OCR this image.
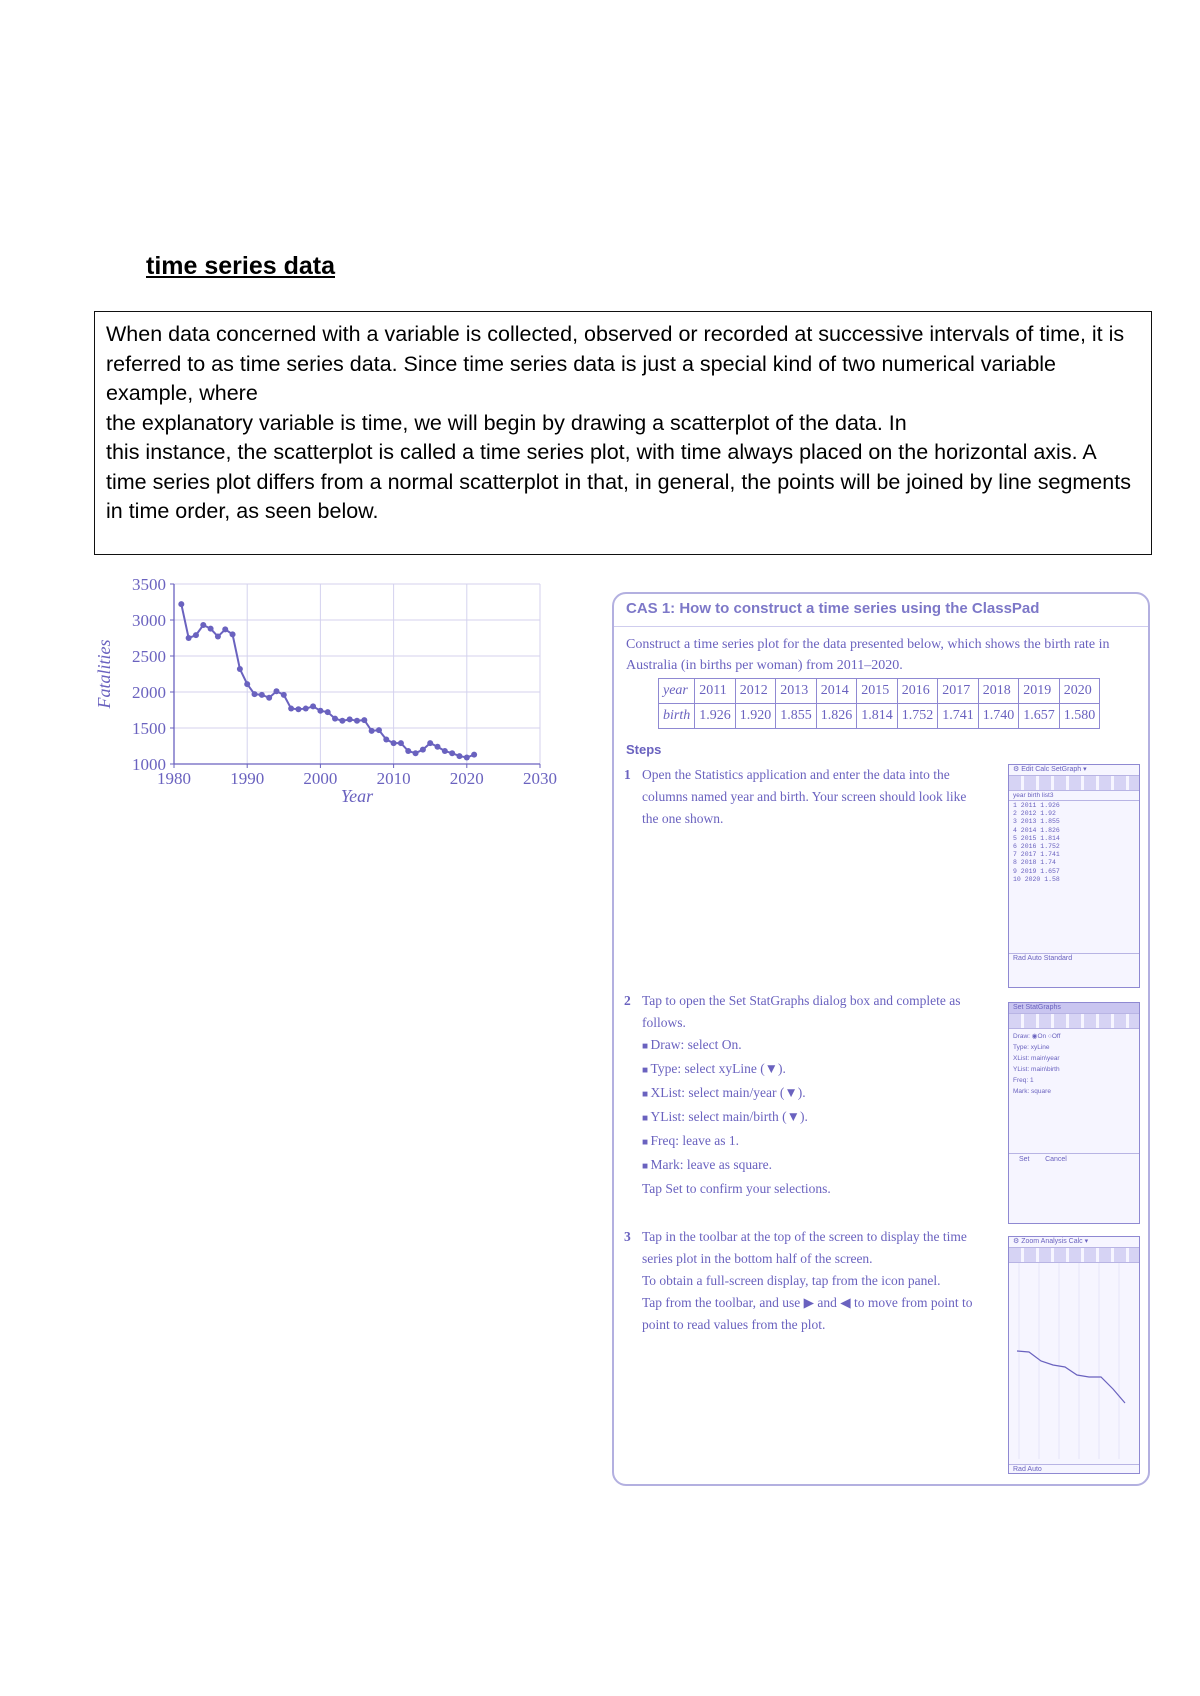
time series data

When data concerned with a variable is collected, observed or recorded at successive intervals of time, it is referred to as time series data. Since time series data is just a special kind of two numerical variable example, where

the explanatory variable is time, we will begin by drawing a scatterplot of the data. In

this instance, the scatterplot is called a time series plot, with time always placed on the horizontal axis. A time series plot differs from a normal scatterplot in that, in general, the points will be joined by line segments in time order, as seen below.

1980 1990 2000 2010 2020 2030
1000
1500
2000
2500
3000
3500
Year
Fatalities
CAS 1: How to construct a time series using the ClassPad
Construct a time series plot for the data presented below, which shows the birth rate in Australia (in births per woman) from 2011–2020.
year	2011	2012	2013	2014	2015	2016	2017	2018	2019	2020
birth	1.926	1.920	1.855	1.826	1.814	1.752	1.741	1.740	1.657	1.580
Steps
1 Open the Statistics application and enter the data into the columns named year and birth. Your screen should look like the one shown.
2 Tap to open the Set StatGraphs dialog box and complete as follows.
■ Draw: select On.
■ Type: select xyLine (▼).
■ XList: select main/year (▼).
■ YList: select main/birth (▼).
■ Freq: leave as 1.
■ Mark: leave as square.
Tap Set to confirm your selections.
3 Tap in the toolbar at the top of the screen to display the time series plot in the bottom half of the screen.
To obtain a full-screen display, tap from the icon panel.
Tap from the toolbar, and use ▶ and ◀ to move from point to point to read values from the plot.
⚙ Edit Calc SetGraph ▾
year birth list3
1 2011 1.926
2 2012 1.92
3 2013 1.855
4 2014 1.826
5 2015 1.814
6 2016 1.752
7 2017 1.741
8 2018 1.74
9 2019 1.657
10 2020 1.58
Rad Auto Standard
Set StatGraphs
Draw: ◉On ○Off
Type: xyLine
XList: main\year
YList: main\birth
Freq: 1
Mark: square
Set        Cancel
⚙ Zoom Analysis Calc ▾
Rad Auto
